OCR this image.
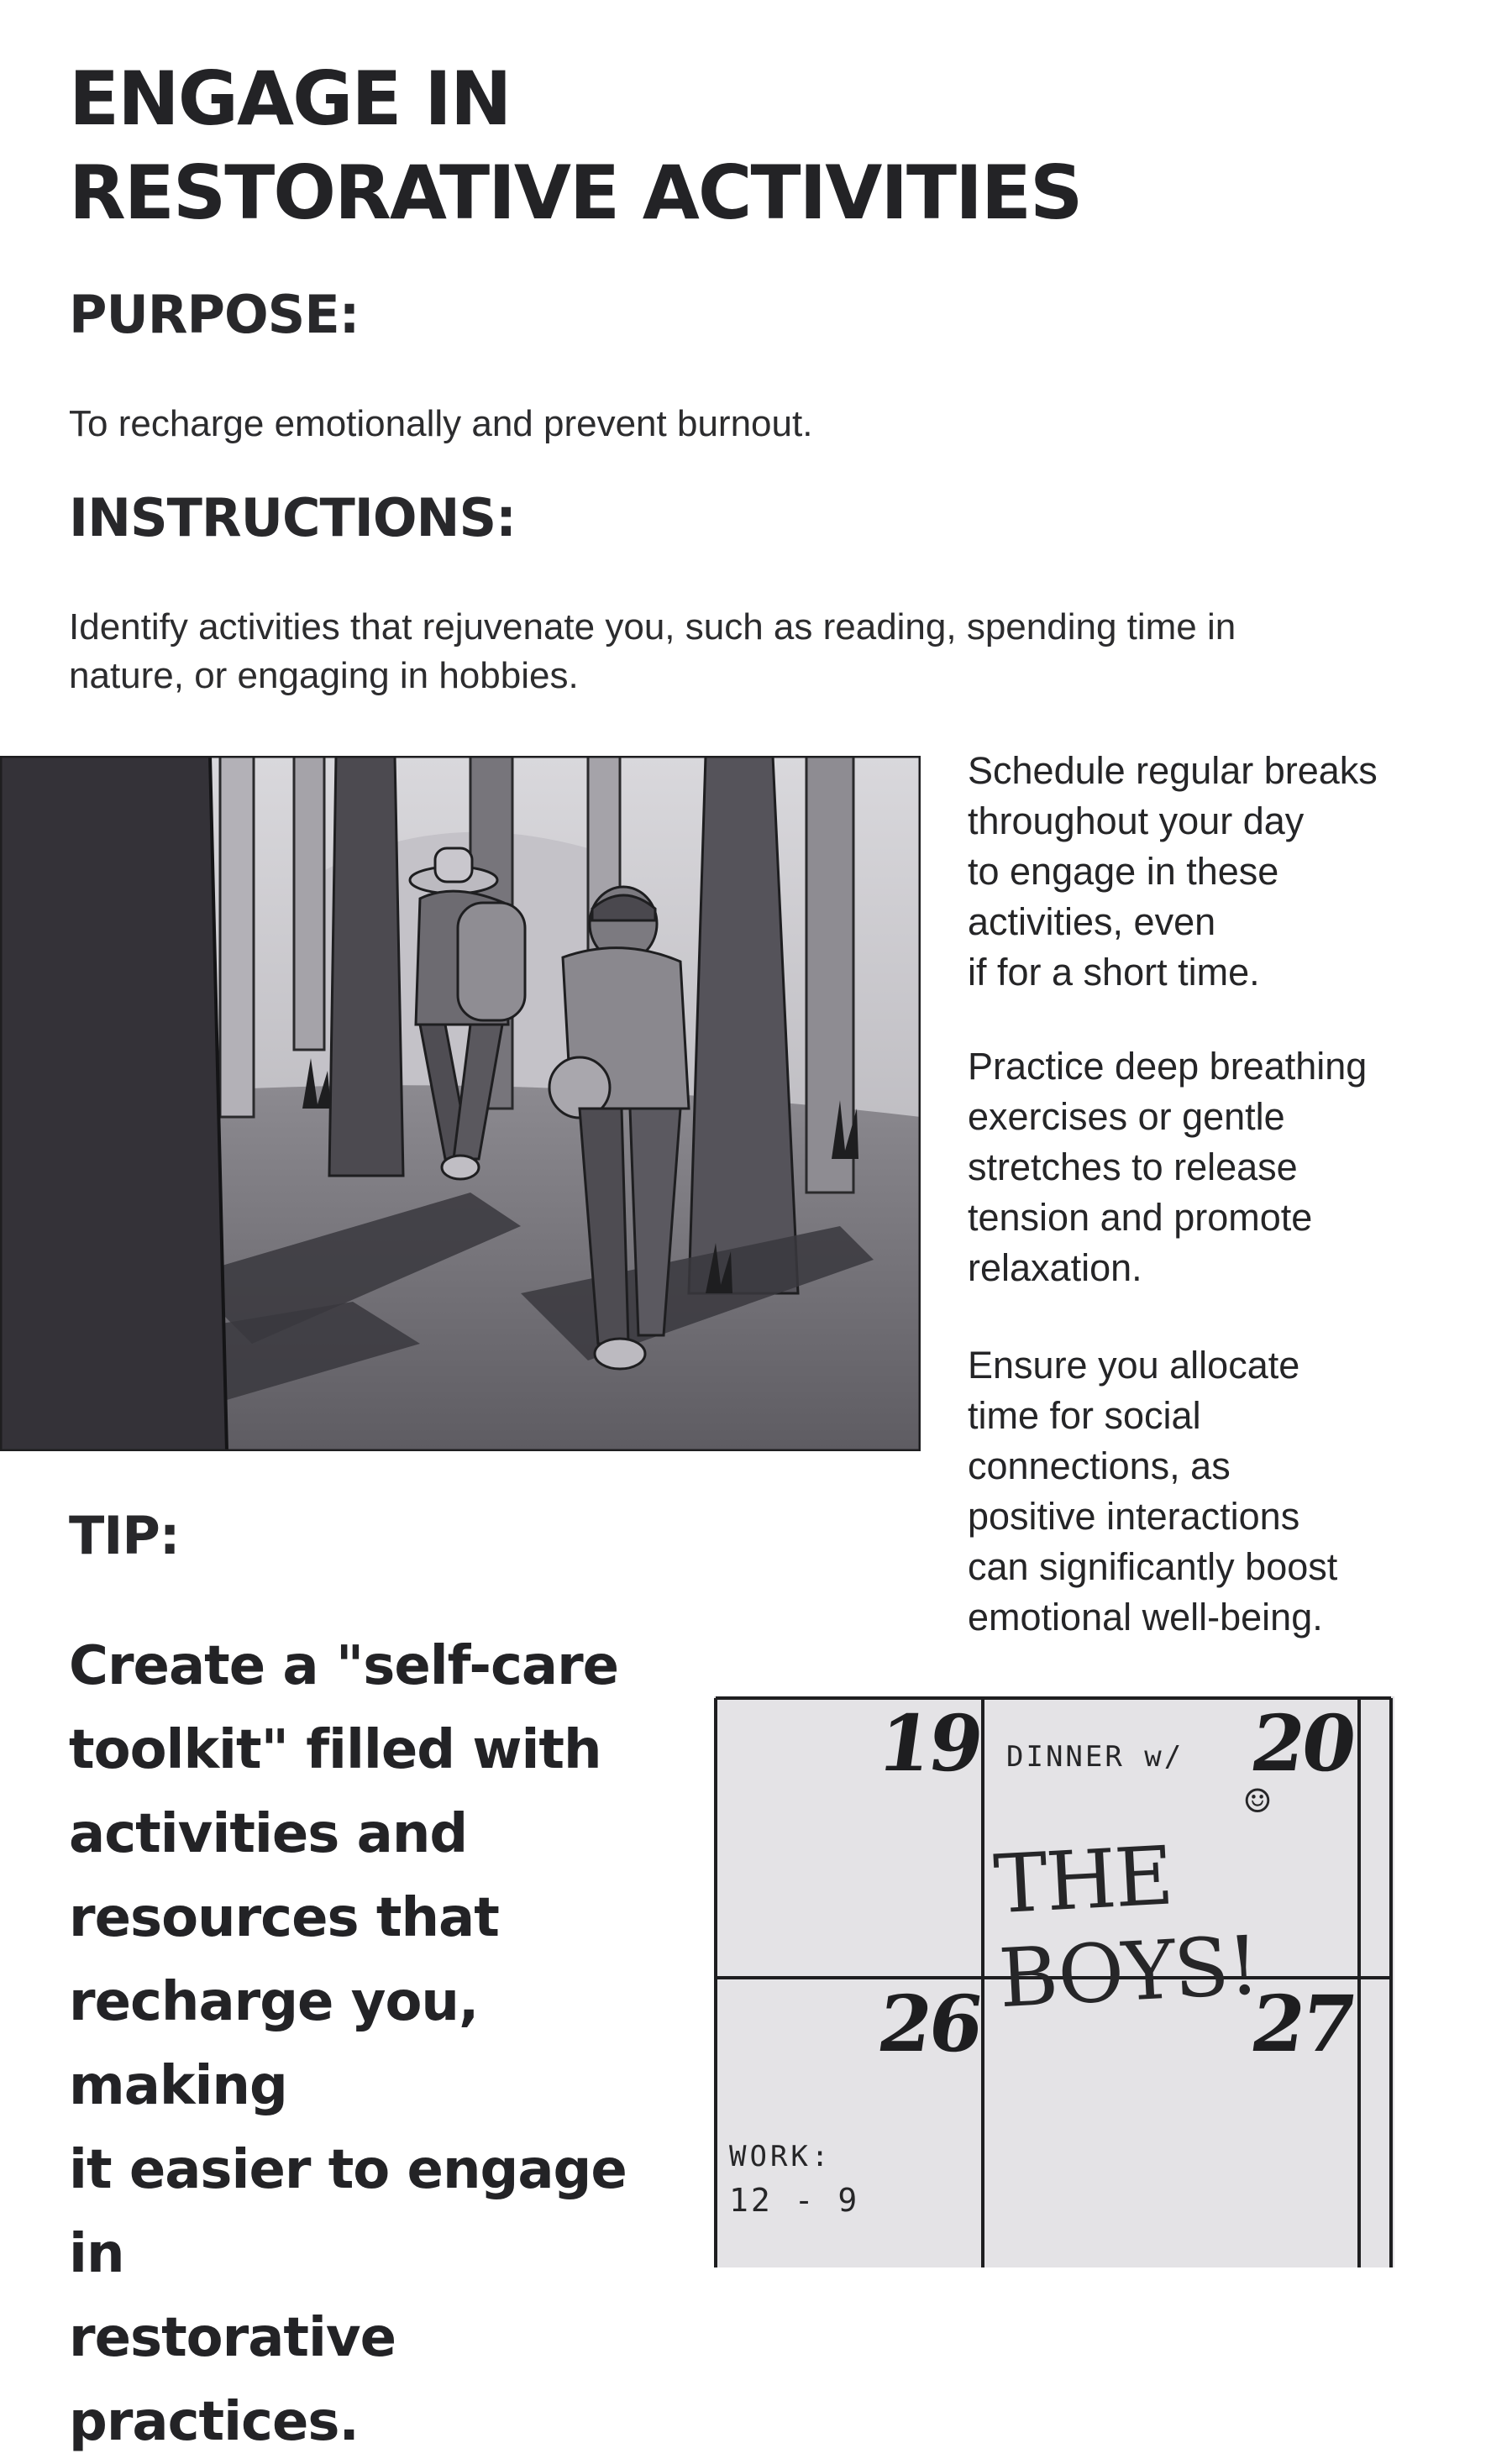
ENGAGE IN
RESTORATIVE ACTIVITIES
PURPOSE:

To recharge emotionally and prevent burnout.

INSTRUCTIONS:

Identify activities that rejuvenate you, such as reading, spending time in
nature, or engaging in hobbies.

Schedule regular breaks
throughout your day
to engage in these
activities, even
if for a short time.

Practice deep breathing
exercises or gentle
stretches to release
tension and promote
relaxation.

Ensure you allocate
time for social
connections, as
positive interactions
can significantly boost
emotional well-being.

TIP:

Create a "self-care
toolkit" filled with
activities and
resources that
recharge you, making
it easier to engage in
restorative practices.

19	20
26	27
DINNER w/
☺
THE BOYS!
WORK:
12 - 9
